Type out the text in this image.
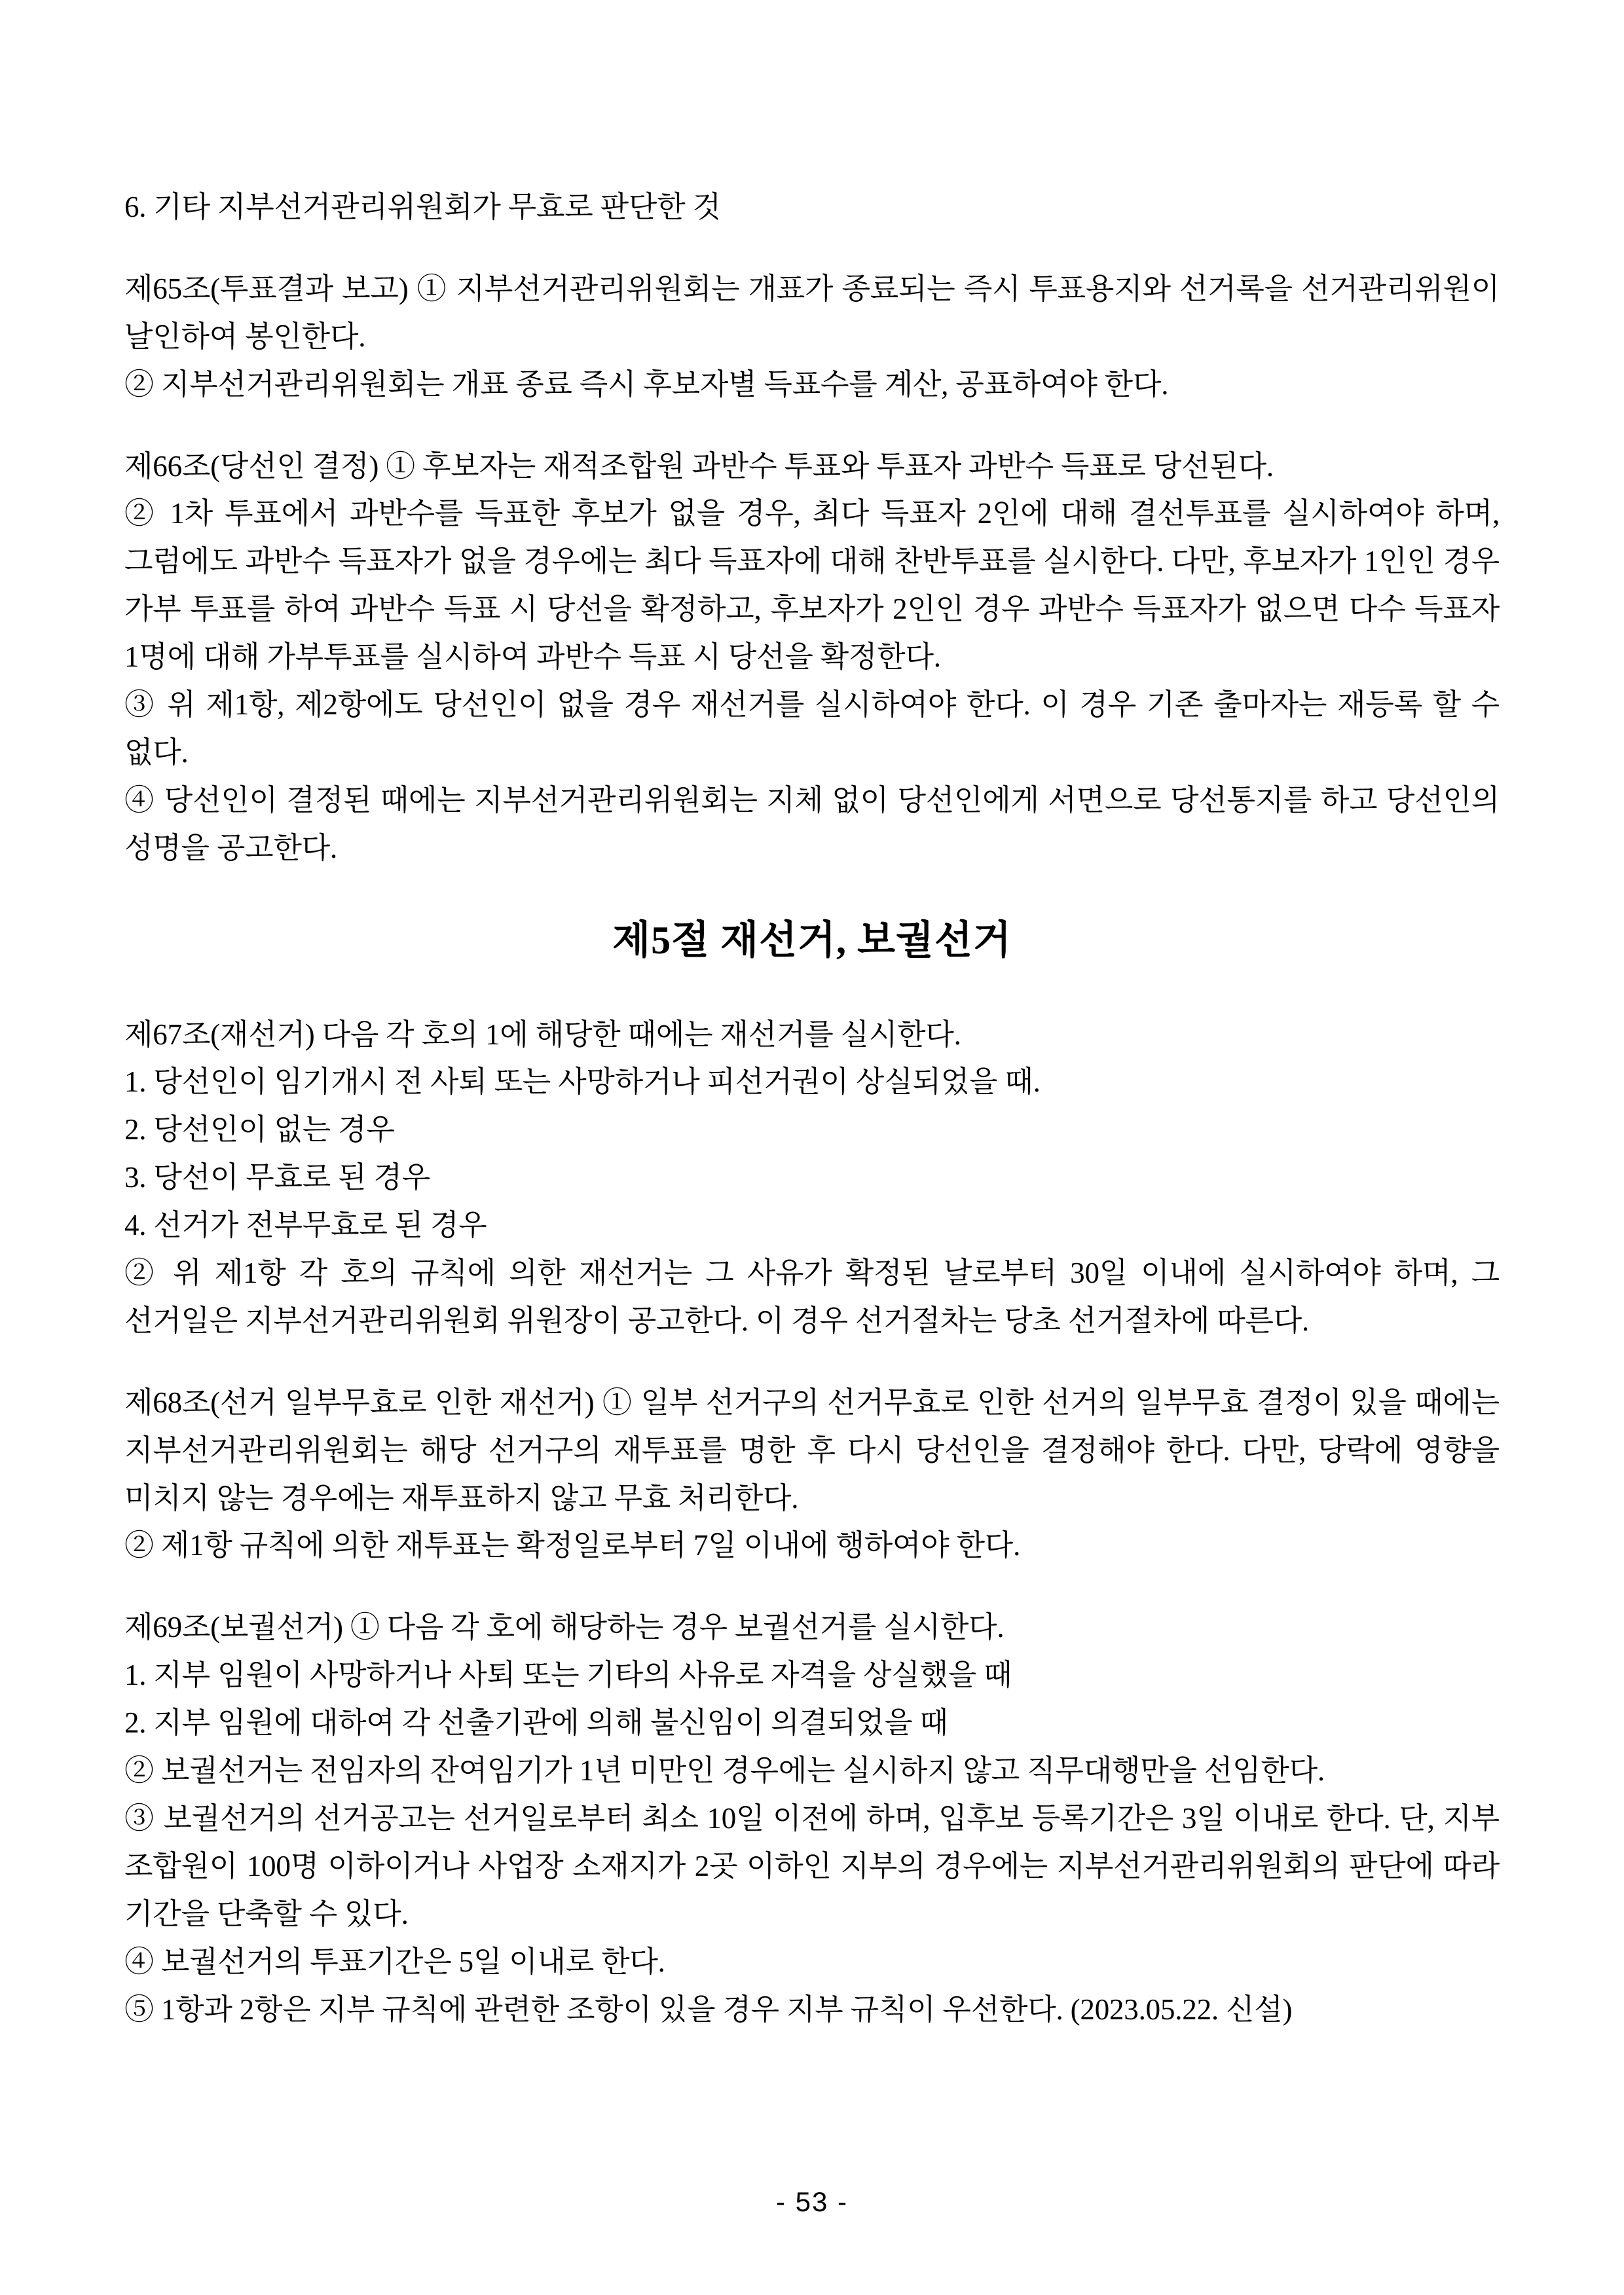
6. 기타 지부선거관리위원회가 무효로 판단한 것

제65조(투표결과 보고) ① 지부선거관리위원회는 개표가 종료되는 즉시 투표용지와 선거록을 선거관리위원이 날인하여 봉인한다.

② 지부선거관리위원회는 개표 종료 즉시 후보자별 득표수를 계산, 공표하여야 한다.

제66조(당선인 결정) ① 후보자는 재적조합원 과반수 투표와 투표자 과반수 득표로 당선된다.

② 1차 투표에서 과반수를 득표한 후보가 없을 경우, 최다 득표자 2인에 대해 결선투표를 실시하여야 하며, 그럼에도 과반수 득표자가 없을 경우에는 최다 득표자에 대해 찬반투표를 실시한다. 다만, 후보자가 1인인 경우 가부 투표를 하여 과반수 득표 시 당선을 확정하고, 후보자가 2인인 경우 과반수 득표자가 없으면 다수 득표자 1명에 대해 가부투표를 실시하여 과반수 득표 시 당선을 확정한다.

③ 위 제1항, 제2항에도 당선인이 없을 경우 재선거를 실시하여야 한다. 이 경우 기존 출마자는 재등록 할 수 없다.

④ 당선인이 결정된 때에는 지부선거관리위원회는 지체 없이 당선인에게 서면으로 당선통지를 하고 당선인의 성명을 공고한다.

제5절 재선거, 보궐선거

제67조(재선거) 다음 각 호의 1에 해당한 때에는 재선거를 실시한다.

1. 당선인이 임기개시 전 사퇴 또는 사망하거나 피선거권이 상실되었을 때.

2. 당선인이 없는 경우

3. 당선이 무효로 된 경우

4. 선거가 전부무효로 된 경우

② 위 제1항 각 호의 규칙에 의한 재선거는 그 사유가 확정된 날로부터 30일 이내에 실시하여야 하며, 그 선거일은 지부선거관리위원회 위원장이 공고한다. 이 경우 선거절차는 당초 선거절차에 따른다.

제68조(선거 일부무효로 인한 재선거) ① 일부 선거구의 선거무효로 인한 선거의 일부무효 결정이 있을 때에는 지부선거관리위원회는 해당 선거구의 재투표를 명한 후 다시 당선인을 결정해야 한다. 다만, 당락에 영향을 미치지 않는 경우에는 재투표하지 않고 무효 처리한다.

② 제1항 규칙에 의한 재투표는 확정일로부터 7일 이내에 행하여야 한다.

제69조(보궐선거) ① 다음 각 호에 해당하는 경우 보궐선거를 실시한다.

1. 지부 임원이 사망하거나 사퇴 또는 기타의 사유로 자격을 상실했을 때

2. 지부 임원에 대하여 각 선출기관에 의해 불신임이 의결되었을 때

② 보궐선거는 전임자의 잔여임기가 1년 미만인 경우에는 실시하지 않고 직무대행만을 선임한다.

③ 보궐선거의 선거공고는 선거일로부터 최소 10일 이전에 하며, 입후보 등록기간은 3일 이내로 한다. 단, 지부 조합원이 100명 이하이거나 사업장 소재지가 2곳 이하인 지부의 경우에는 지부선거관리위원회의 판단에 따라 기간을 단축할 수 있다.

④ 보궐선거의 투표기간은 5일 이내로 한다.

⑤ 1항과 2항은 지부 규칙에 관련한 조항이 있을 경우 지부 규칙이 우선한다. (2023.05.22. 신설)

- 53 -
